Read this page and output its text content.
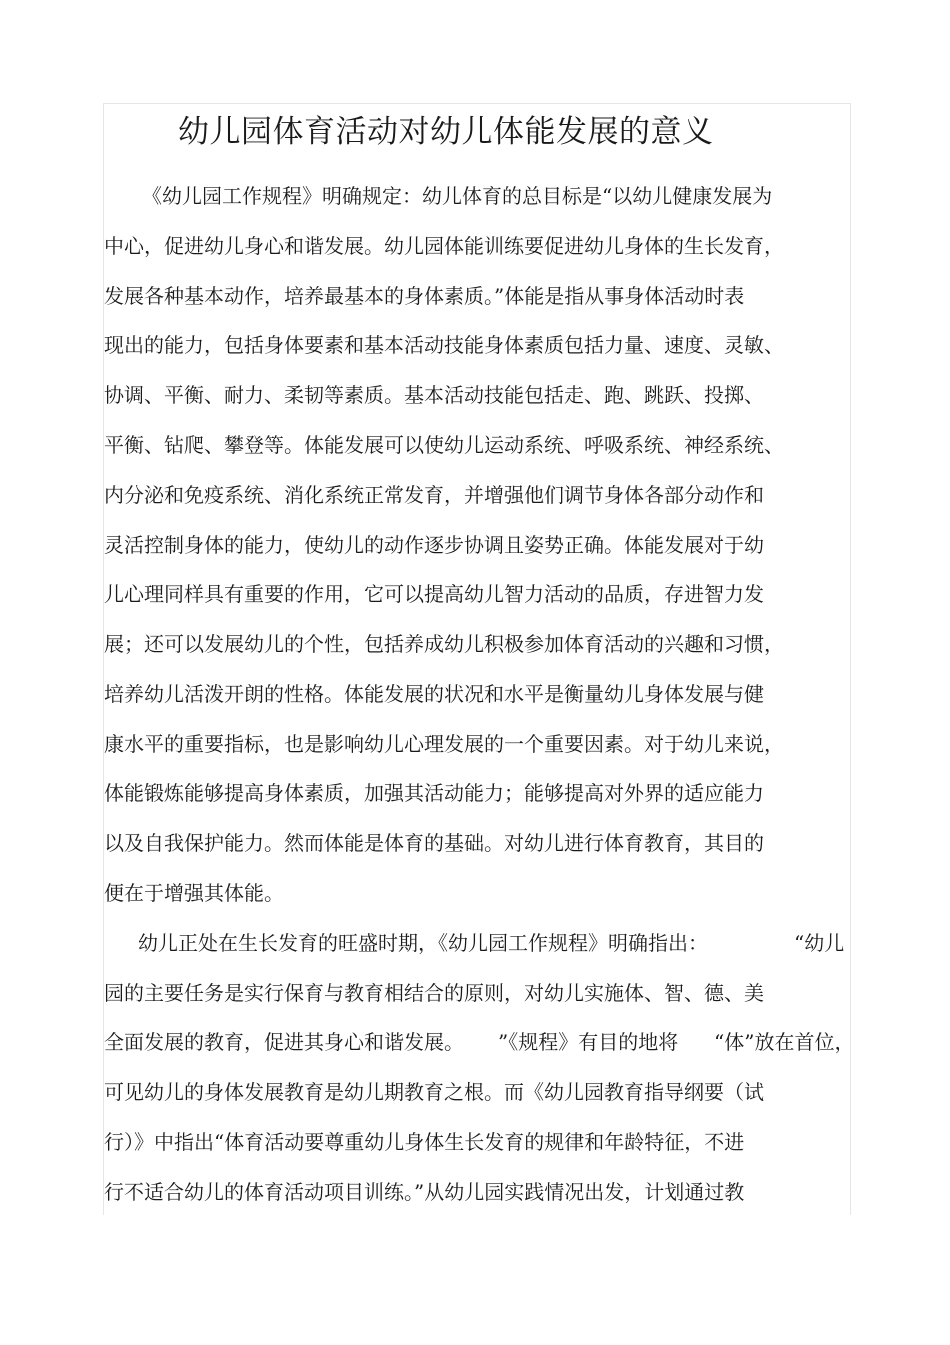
幼儿园体育活动对幼儿体能发展的意义
《幼儿园工作规程》明确规定：幼儿体育的总目标是“以幼儿健康发展为
中心，促进幼儿身心和谐发展。幼儿园体能训练要促进幼儿身体的生长发育，
发展各种基本动作，培养最基本的身体素质。”体能是指从事身体活动时表
现出的能力，包括身体要素和基本活动技能身体素质包括力量、速度、灵敏、
协调、平衡、耐力、柔韧等素质。基本活动技能包括走、跑、跳跃、投掷、
平衡、钻爬、攀登等。体能发展可以使幼儿运动系统、呼吸系统、神经系统、
内分泌和免疫系统、消化系统正常发育，并增强他们调节身体各部分动作和
灵活控制身体的能力，使幼儿的动作逐步协调且姿势正确。体能发展对于幼
儿心理同样具有重要的作用，它可以提高幼儿智力活动的品质，存进智力发
展；还可以发展幼儿的个性，包括养成幼儿积极参加体育活动的兴趣和习惯，
培养幼儿活泼开朗的性格。体能发展的状况和水平是衡量幼儿身体发展与健
康水平的重要指标，也是影响幼儿心理发展的一个重要因素。对于幼儿来说，
体能锻炼能够提高身体素质，加强其活动能力；能够提高对外界的适应能力
以及自我保护能力。然而体能是体育的基础。对幼儿进行体育教育，其目的
便在于增强其体能。
幼儿正处在生长发育的旺盛时期，《幼儿园工作规程》明确指出：	“幼儿
园的主要任务是实行保育与教育相结合的原则，对幼儿实施体、智、德、美
全面发展的教育，促进其身心和谐发展。 ”《规程》有目的地将 “体”放在首位，
可见幼儿的身体发展教育是幼儿期教育之根。而《幼儿园教育指导纲要（试
行）》中指出“体育活动要尊重幼儿身体生长发育的规律和年龄特征，不进
行不适合幼儿的体育活动项目训练。”从幼儿园实践情况出发，计划通过教
